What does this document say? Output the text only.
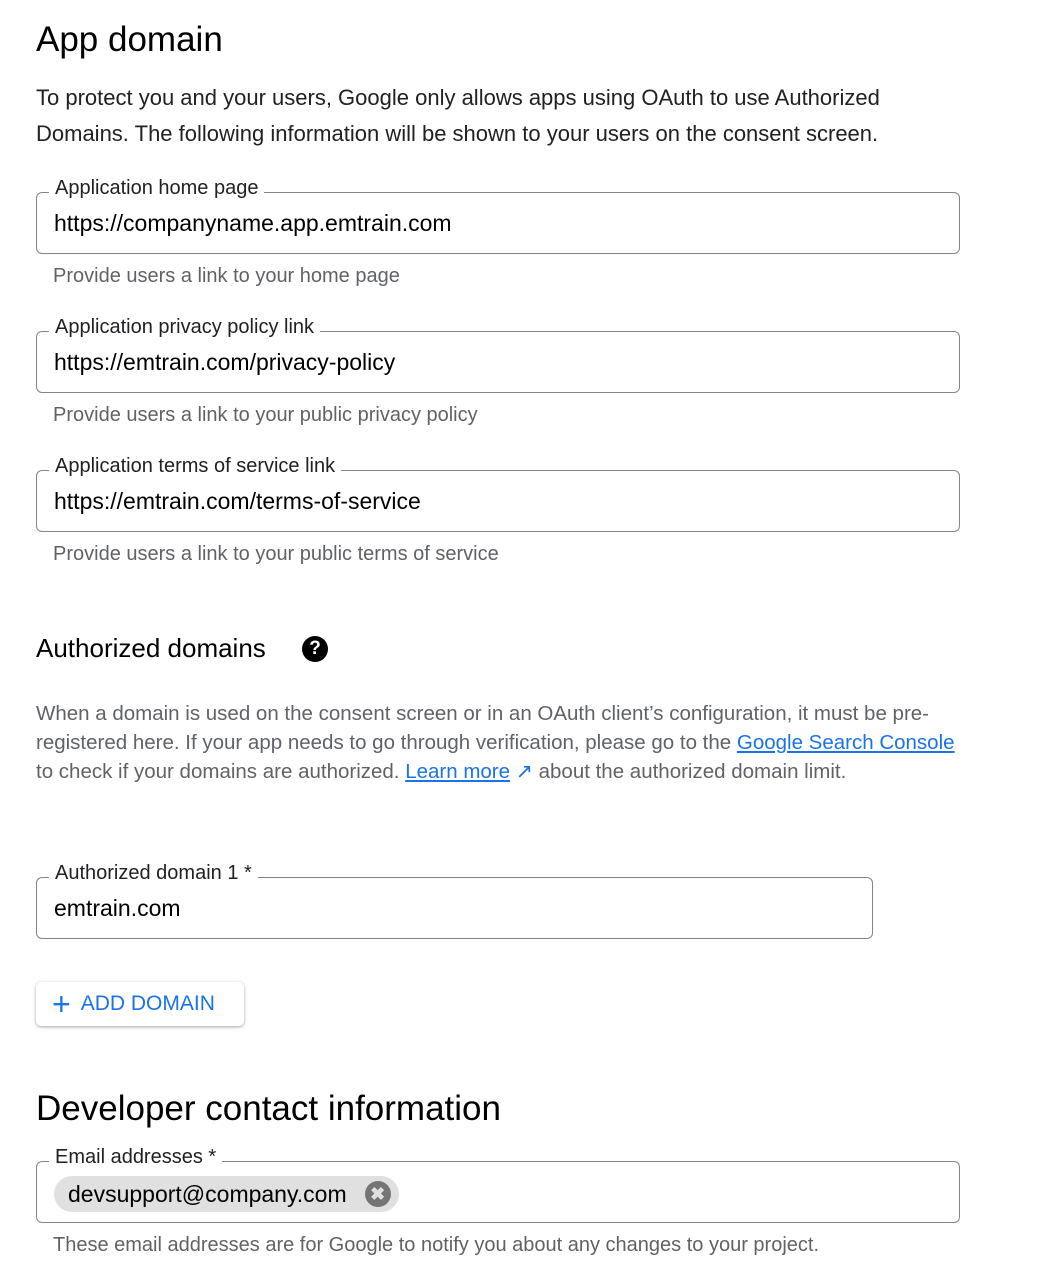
App domain
To protect you and your users, Google only allows apps using OAuth to use Authorized Domains. The following information will be shown to your users on the consent screen.
Application home page
https://companyname.app.emtrain.com
Provide users a link to your home page
Application privacy policy link
https://emtrain.com/privacy-policy
Provide users a link to your public privacy policy
Application terms of service link
https://emtrain.com/terms-of-service
Provide users a link to your public terms of service
Authorized domains	?
When a domain is used on the consent screen or in an OAuth client’s configuration, it must be pre-registered here. If your app needs to go through verification, please go to the Google Search Console to check if your domains are authorized. Learn more ↗ about the authorized domain limit.
Authorized domain 1 *
emtrain.com
+ ADD DOMAIN
Developer contact information
Email addresses *
devsupport@company.com	✖
These email addresses are for Google to notify you about any changes to your project.
